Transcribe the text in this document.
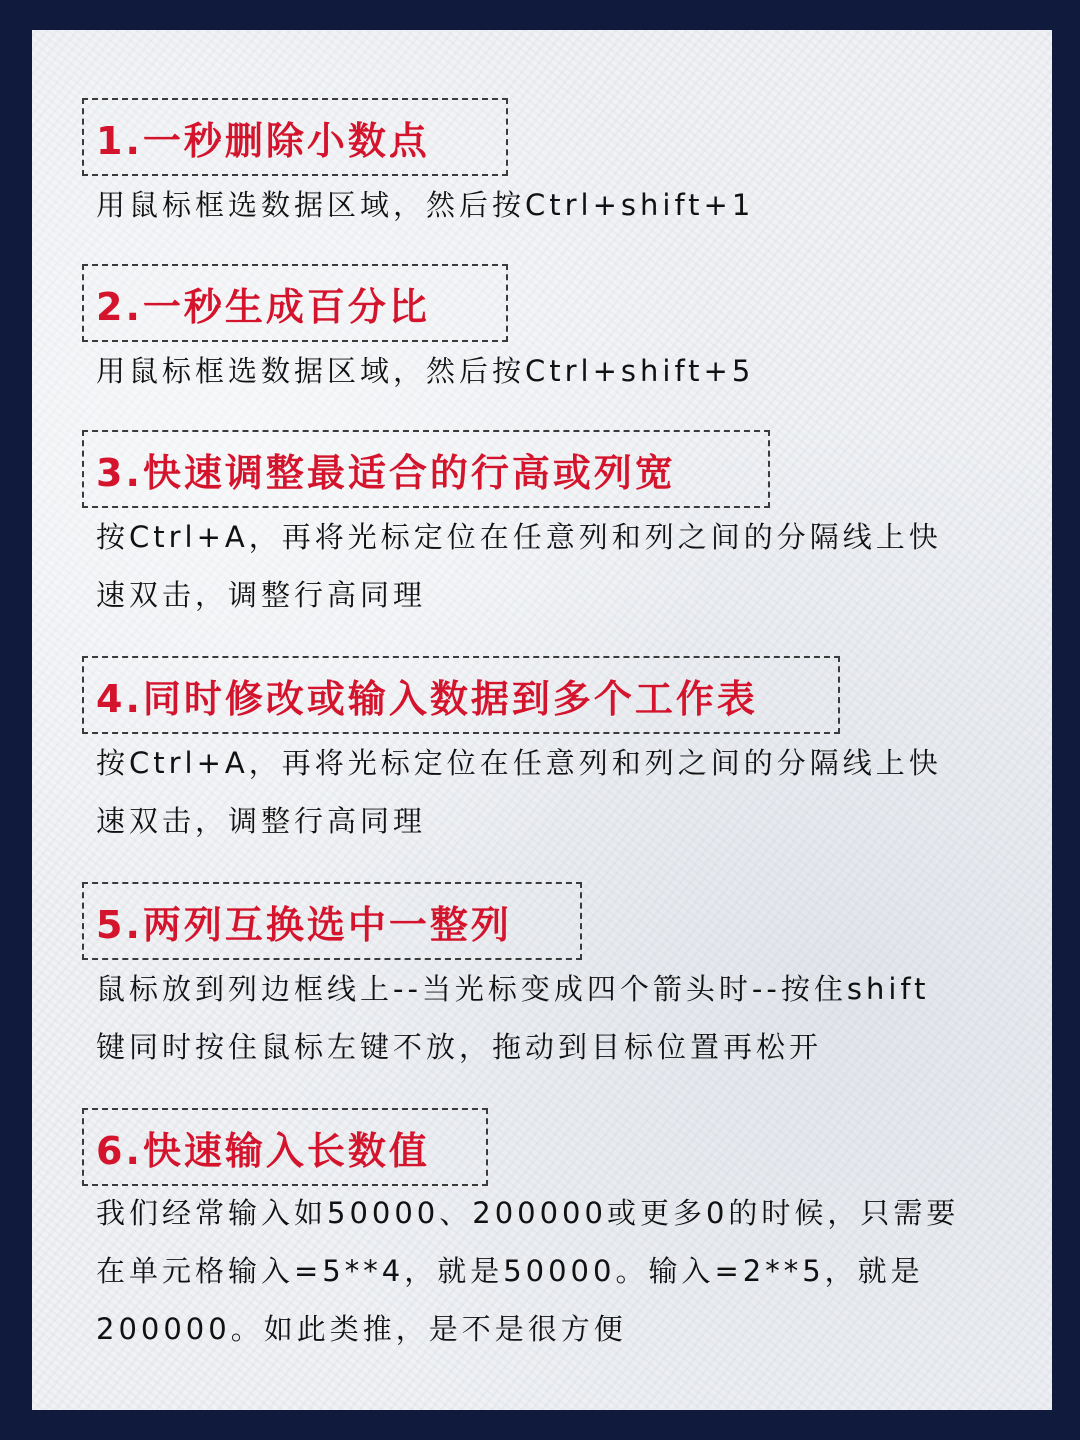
1.一秒删除小数点
用鼠标框选数据区域，然后按Ctrl+shift+1
2.一秒生成百分比
用鼠标框选数据区域，然后按Ctrl+shift+5
3.快速调整最适合的行高或列宽
按Ctrl+A，再将光标定位在任意列和列之间的分隔线上快
速双击，调整行高同理
4.同时修改或输入数据到多个工作表
按Ctrl+A，再将光标定位在任意列和列之间的分隔线上快
速双击，调整行高同理
5.两列互换选中一整列
鼠标放到列边框线上--当光标变成四个箭头时--按住shift
键同时按住鼠标左键不放，拖动到目标位置再松开
6.快速输入长数值
我们经常输入如50000、200000或更多0的时候，只需要
在单元格输入=5**4，就是50000。输入=2**5，就是
200000。如此类推，是不是很方便
